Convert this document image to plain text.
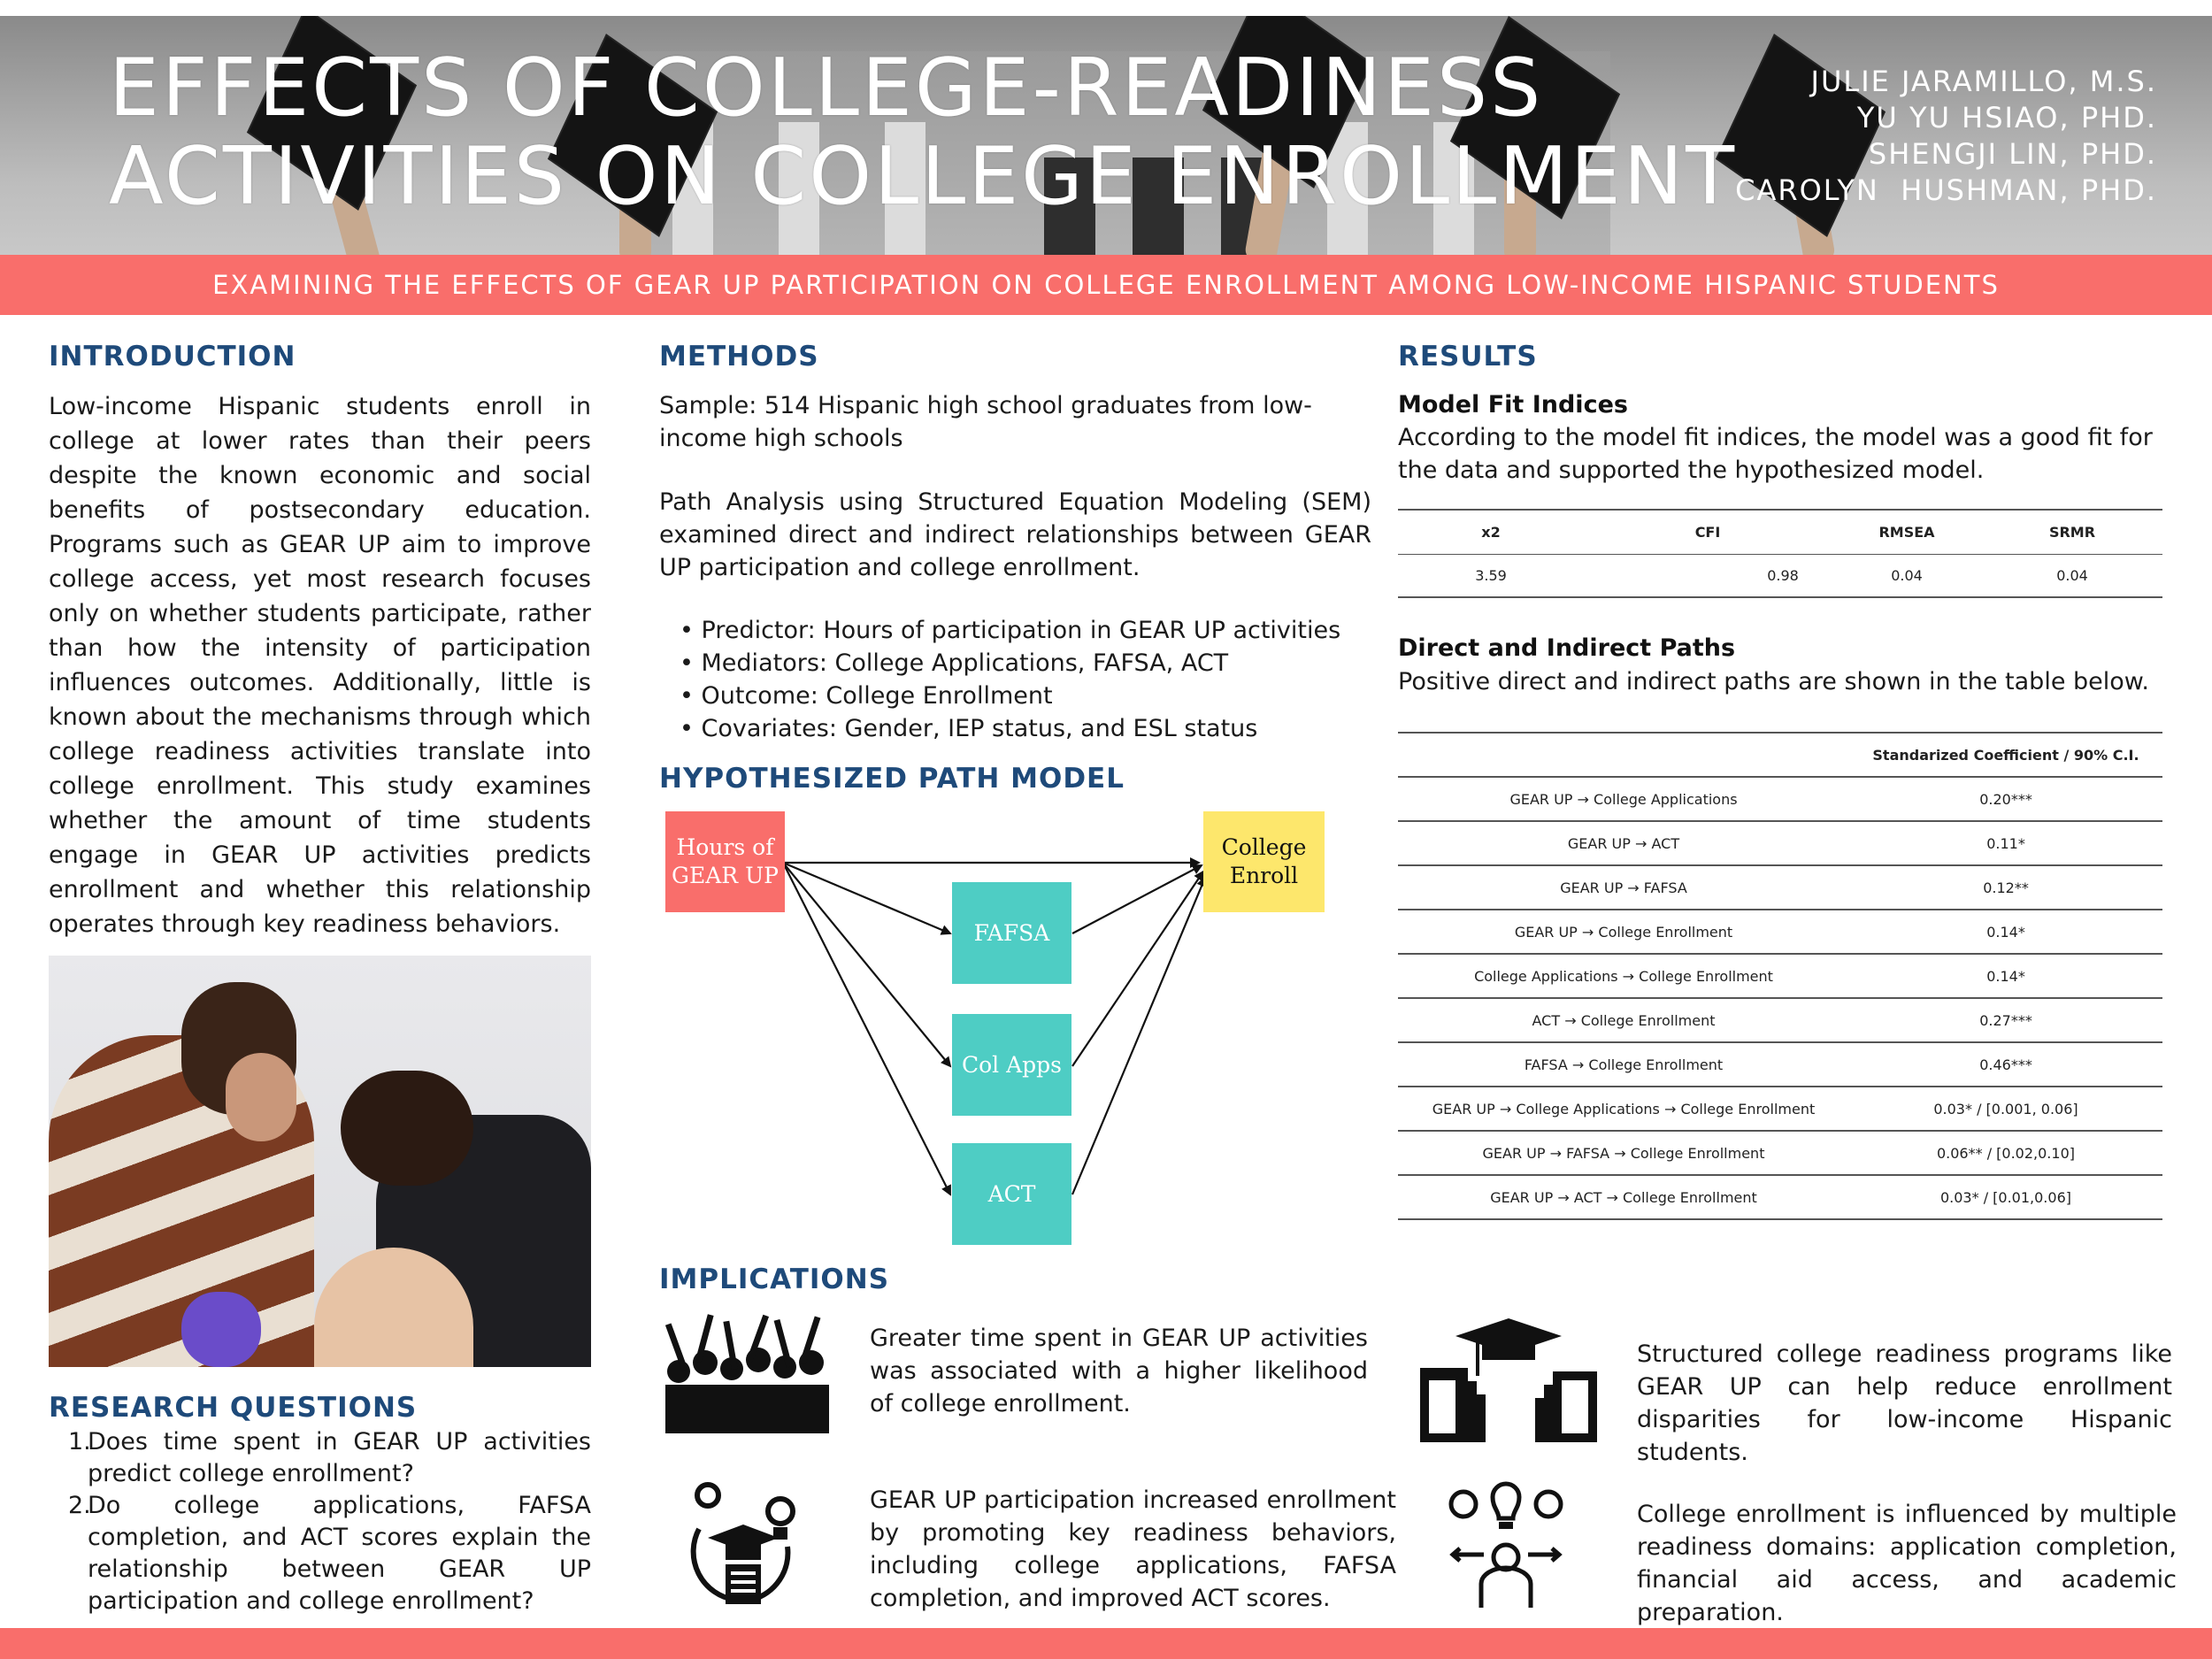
EFFECTS OF COLLEGE-READINESS
ACTIVITIES ON COLLEGE ENROLLMENT
JULIE JARAMILLO, M.S.
YU YU HSIAO, PHD.
SHENGJI LIN, PHD.
CAROLYN  HUSHMAN, PHD.
EXAMINING THE EFFECTS OF GEAR UP PARTICIPATION ON COLLEGE ENROLLMENT AMONG LOW-INCOME HISPANIC STUDENTS
INTRODUCTION
Low-income Hispanic students enroll in college at lower rates than their peers despite the known economic and social benefits of postsecondary education. Programs such as GEAR UP aim to improve college access, yet most research focuses only on whether students participate, rather than how the intensity of participation influences outcomes. Additionally, little is known about the mechanisms through which college readiness activities translate into college enrollment. This study examines whether the amount of time students engage in GEAR UP activities predicts enrollment and whether this relationship operates through key readiness behaviors.
RESEARCH QUESTIONS
1.
Does time spent in GEAR UP activities predict college enrollment?
2.
Do college applications, FAFSA completion, and ACT scores explain the relationship between GEAR UP participation and college enrollment?
METHODS
Sample: 514 Hispanic high school graduates from low-income high schools
Path Analysis using Structured Equation Modeling (SEM) examined direct and indirect relationships between GEAR UP participation and college enrollment.
• Predictor: Hours of participation in GEAR UP activities
• Mediators: College Applications, FAFSA, ACT
• Outcome: College Enrollment
• Covariates: Gender, IEP status, and ESL status
HYPOTHESIZED PATH MODEL
Hours of GEAR UP
FAFSA
Col Apps
ACT
College Enroll
IMPLICATIONS
Greater time spent in GEAR UP activities was associated with a higher likelihood of college enrollment.
Structured college readiness programs like GEAR UP can help reduce enrollment disparities for low-income Hispanic students.
GEAR UP participation increased enrollment by promoting key readiness behaviors, including college applications, FAFSA completion, and improved ACT scores.
College enrollment is influenced by multiple readiness domains: application completion, financial aid access, and academic preparation.
RESULTS
Model Fit Indices
According to the model fit indices, the model was a good fit for the data and supported the hypothesized model.
x2	CFI	RMSEA	SRMR
3.59	0.98	0.04	0.04
Direct and Indirect Paths
Positive direct and indirect paths are shown in the table below.
	Standarized Coefficient / 90% C.I.
GEAR UP → College Applications	0.20***
GEAR UP → ACT	0.11*
GEAR UP → FAFSA	0.12**
GEAR UP → College Enrollment	0.14*
College Applications → College Enrollment	0.14*
ACT → College Enrollment	0.27***
FAFSA → College Enrollment	0.46***
GEAR UP → College Applications → College Enrollment	0.03* / [0.001, 0.06]
GEAR UP → FAFSA → College Enrollment	0.06** / [0.02,0.10]
GEAR UP → ACT → College Enrollment	0.03* / [0.01,0.06]
